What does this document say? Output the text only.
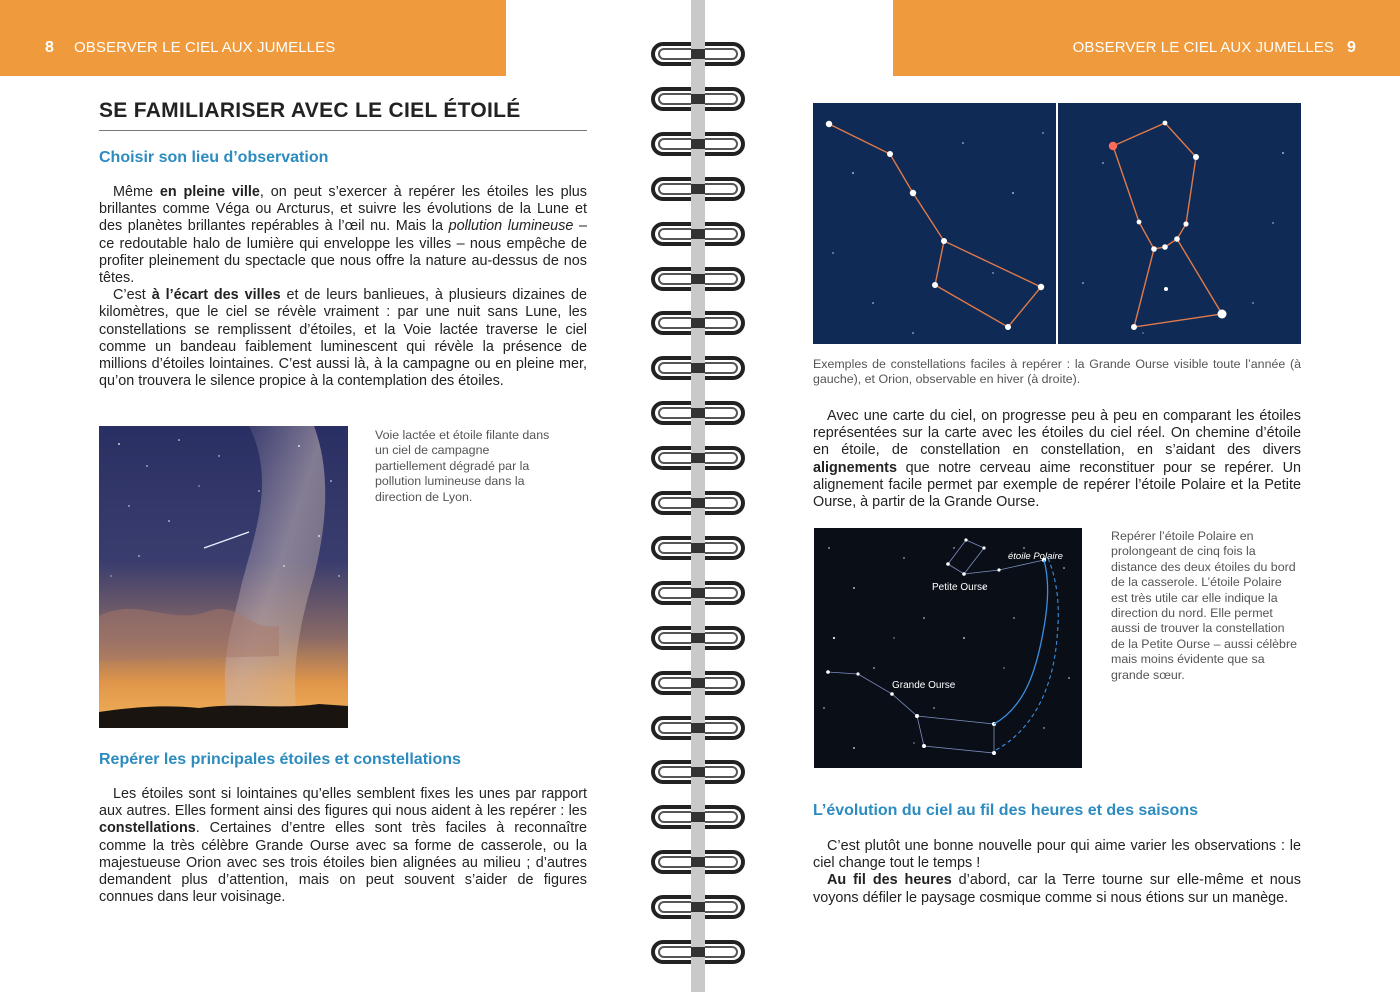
8 OBSERVER LE CIEL AUX JUMELLES	OBSERVER LE CIEL AUX JUMELLES 9
SE FAMILIARISER AVEC LE CIEL ÉTOILÉ
Choisir son lieu d’observation

Même en pleine ville, on peut s’exercer à repérer les étoiles les plus brillantes comme Véga ou Arcturus, et suivre les évolutions de la Lune et des planètes brillantes repérables à l’œil nu. Mais la pollution lumineuse – ce redoutable halo de lumière qui enveloppe les villes – nous empêche de profiter pleinement du spectacle que nous offre la nature au-dessus de nos têtes.

C’est à l’écart des villes et de leurs banlieues, à plusieurs dizaines de kilomètres, que le ciel se révèle vraiment : par une nuit sans Lune, les constellations se remplissent d’étoiles, et la Voie lactée traverse le ciel comme un bandeau faiblement luminescent qui révèle la présence de millions d’étoiles lointaines. C’est aussi là, à la campagne ou en pleine mer, qu’on trouvera le silence propice à la contemplation des étoiles.

Voie lactée et étoile filante dans un ciel de campagne partiellement dégradé par la pollution lumineuse dans la direction de Lyon.
Repérer les principales étoiles et constellations

Les étoiles sont si lointaines qu’elles semblent fixes les unes par rapport aux autres. Elles forment ainsi des figures qui nous aident à les repérer : les constellations. Certaines d’entre elles sont très faciles à reconnaître comme la très célèbre Grande Ourse avec sa forme de casserole, ou la majestueuse Orion avec ses trois étoiles bien alignées au milieu ; d’autres demandent plus d’attention, mais on peut souvent s’aider de figures connues dans leur voisinage.

Exemples de constellations faciles à repérer : la Grande Ourse visible toute l’année (à gauche), et Orion, observable en hiver (à droite).

Avec une carte du ciel, on progresse peu à peu en comparant les étoiles représentées sur la carte avec les étoiles du ciel réel. On chemine d’étoile en étoile, de constellation en constellation, en s’aidant des divers alignements que notre cerveau aime reconstituer pour se repérer. Un alignement facile permet par exemple de repérer l’étoile Polaire et la Petite Ourse, à partir de la Grande Ourse.

étoile Polaire
Petite Ourse
Grande Ourse
Repérer l’étoile Polaire en prolongeant de cinq fois la distance des deux étoiles du bord de la casserole. L’étoile Polaire est très utile car elle indique la direction du nord. Elle permet aussi de trouver la constellation de la Petite Ourse – aussi célèbre mais moins évidente que sa grande sœur.
L’évolution du ciel au fil des heures et des saisons

C’est plutôt une bonne nouvelle pour qui aime varier les observations : le ciel change tout le temps !

Au fil des heures d’abord, car la Terre tourne sur elle-même et nous voyons défiler le paysage cosmique comme si nous étions sur un manège.
